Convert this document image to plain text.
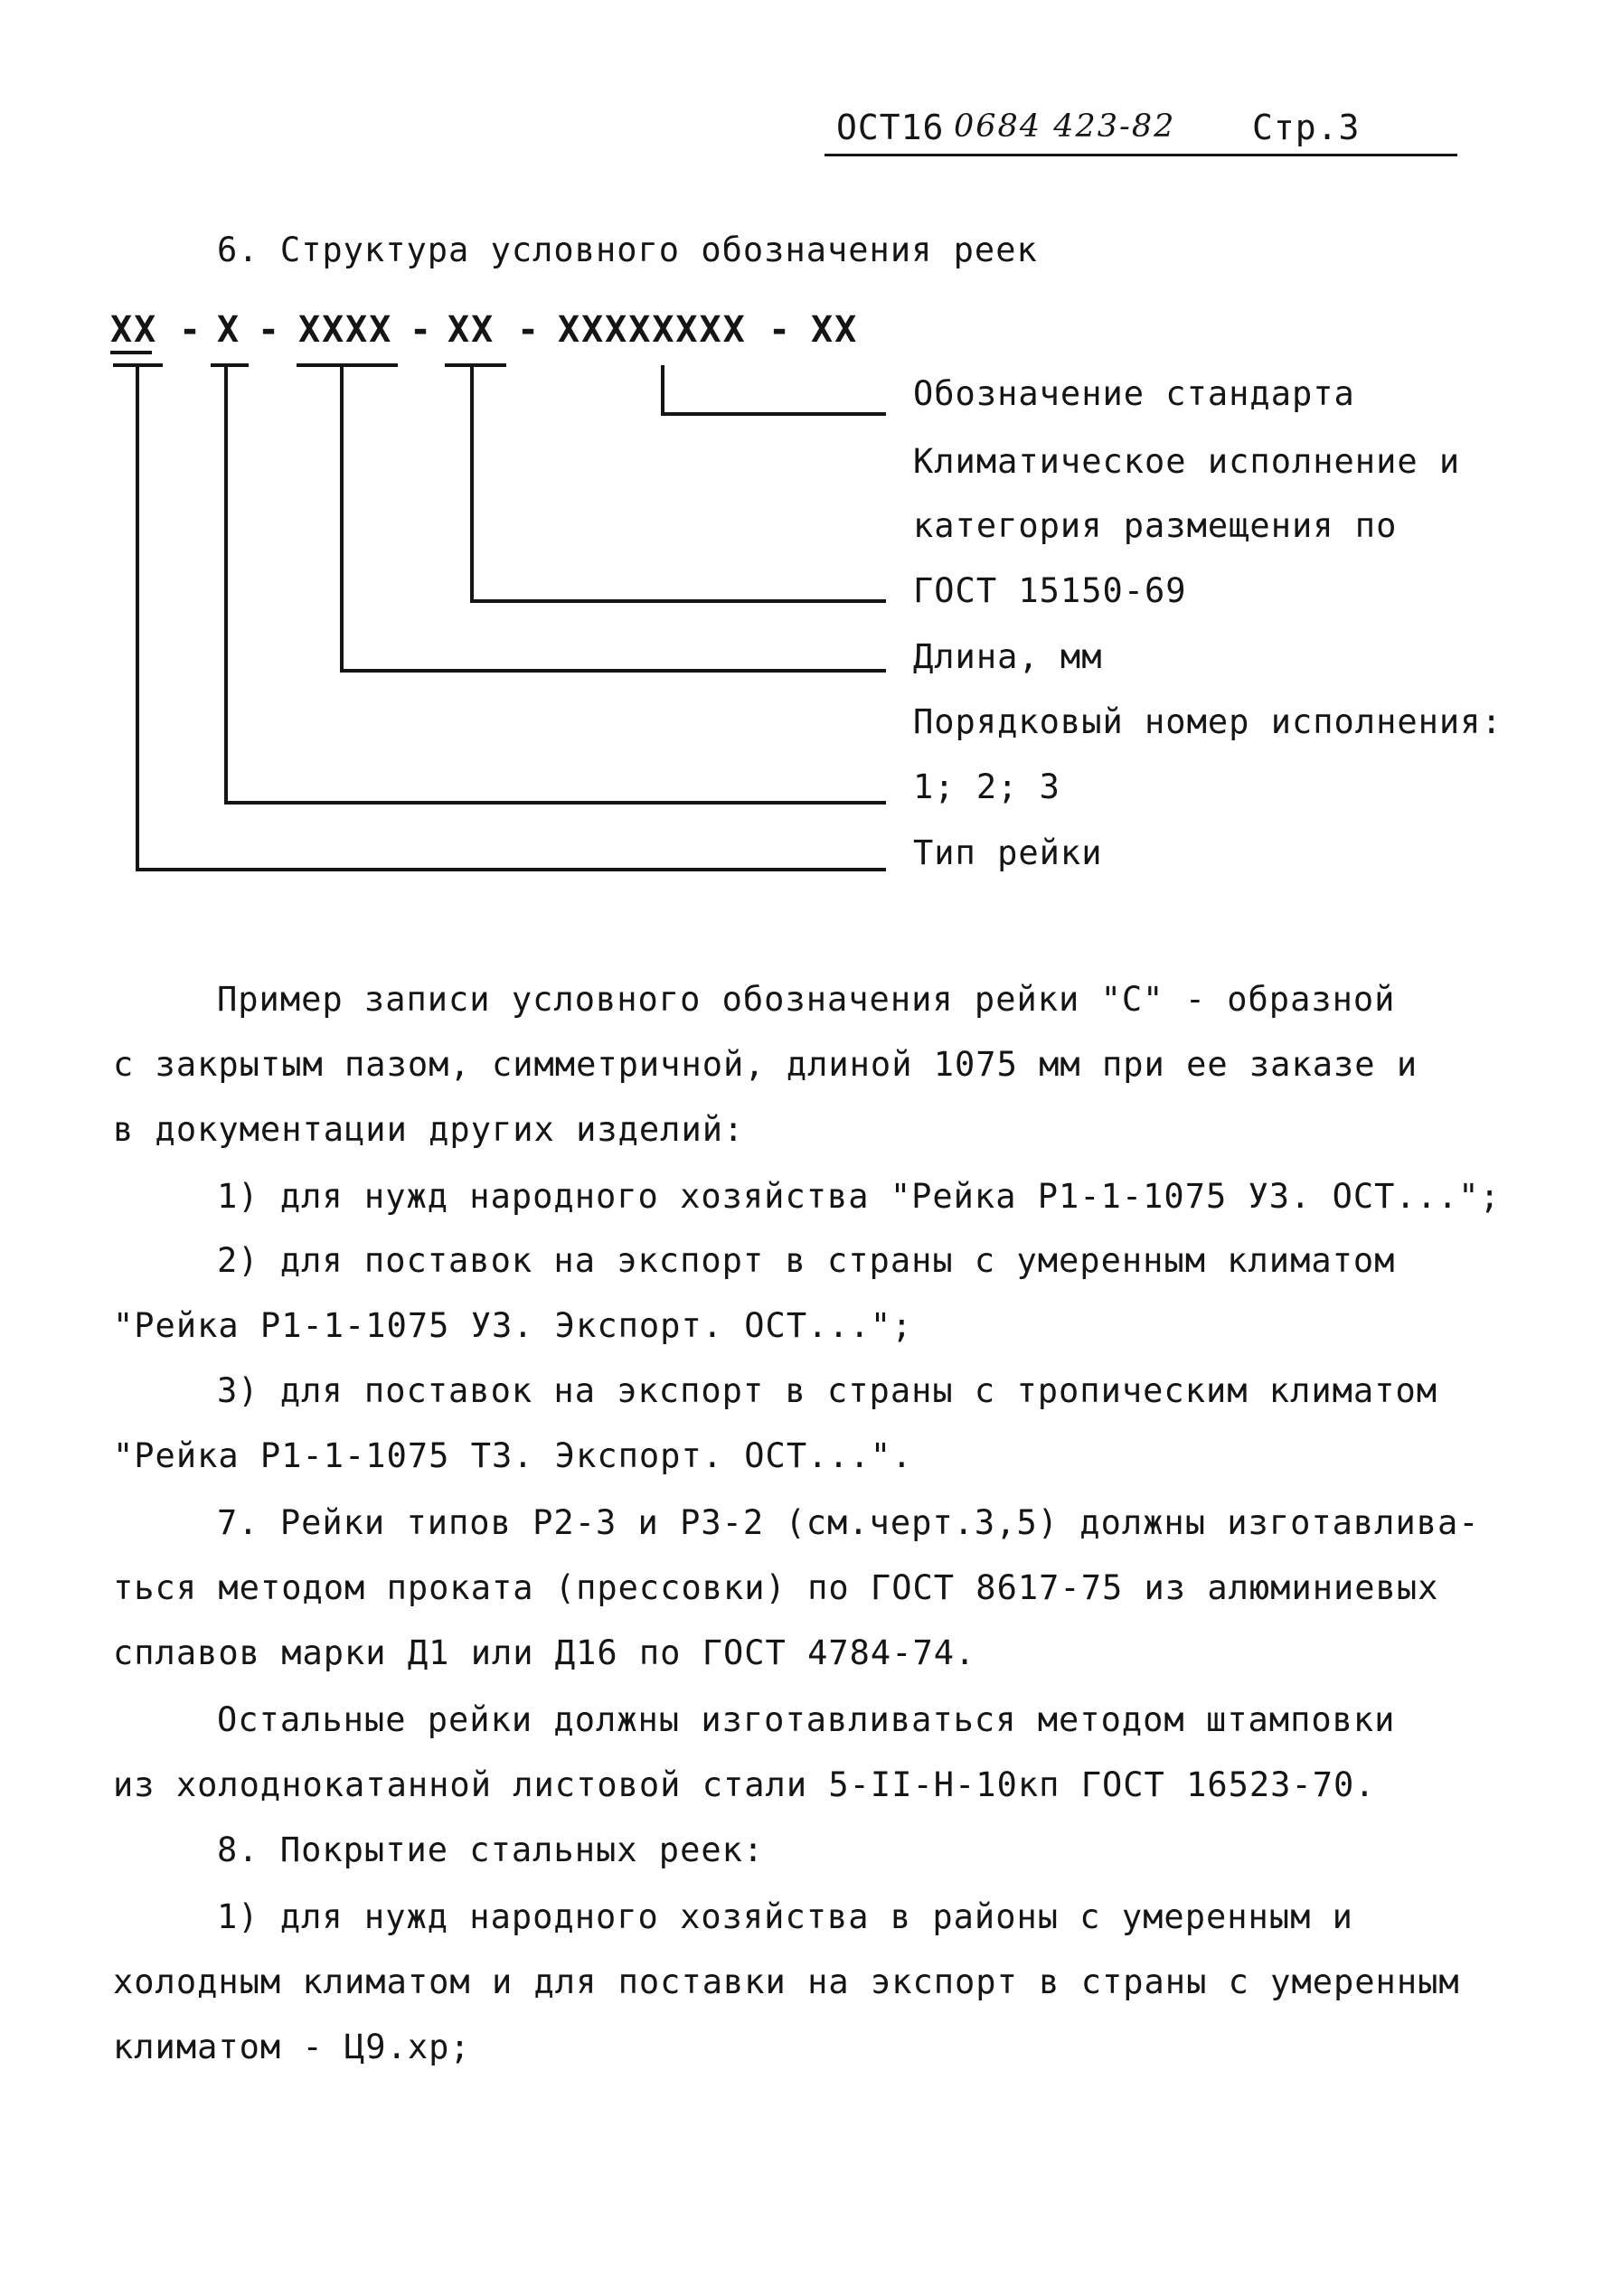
ОСТ16 0684 423-82 Стр.3
6. Структура условного обозначения реек
XX - X - XXXX - XX - XXXXXXXX - XX
Обозначение стандарта
Климатическое исполнение и
категория размещения по
ГОСТ 15150-69
Длина, мм
Порядковый номер исполнения:
1; 2; 3
Тип рейки
Пример записи условного обозначения рейки "С" - образной
с закрытым пазом, симметричной, длиной 1075 мм при ее заказе и
в документации других изделий:
1) для нужд народного хозяйства "Рейка Р1-1-1075 У3. ОСТ...";
2) для поставок на экспорт в страны с умеренным климатом
"Рейка Р1-1-1075 У3. Экспорт. ОСТ...";
3) для поставок на экспорт в страны с тропическим климатом
"Рейка Р1-1-1075 Т3. Экспорт. ОСТ...".
7. Рейки типов Р2-3 и Р3-2 (см.черт.3,5) должны изготавлива-
ться методом проката (прессовки) по ГОСТ 8617-75 из алюминиевых
сплавов марки Д1 или Д16 по ГОСТ 4784-74.
Остальные рейки должны изготавливаться методом штамповки
из холоднокатанной листовой стали 5-II-Н-10кп ГОСТ 16523-70.
8. Покрытие стальных реек:
1) для нужд народного хозяйства в районы с умеренным и
холодным климатом и для поставки на экспорт в страны с умеренным
климатом - Ц9.хр;
